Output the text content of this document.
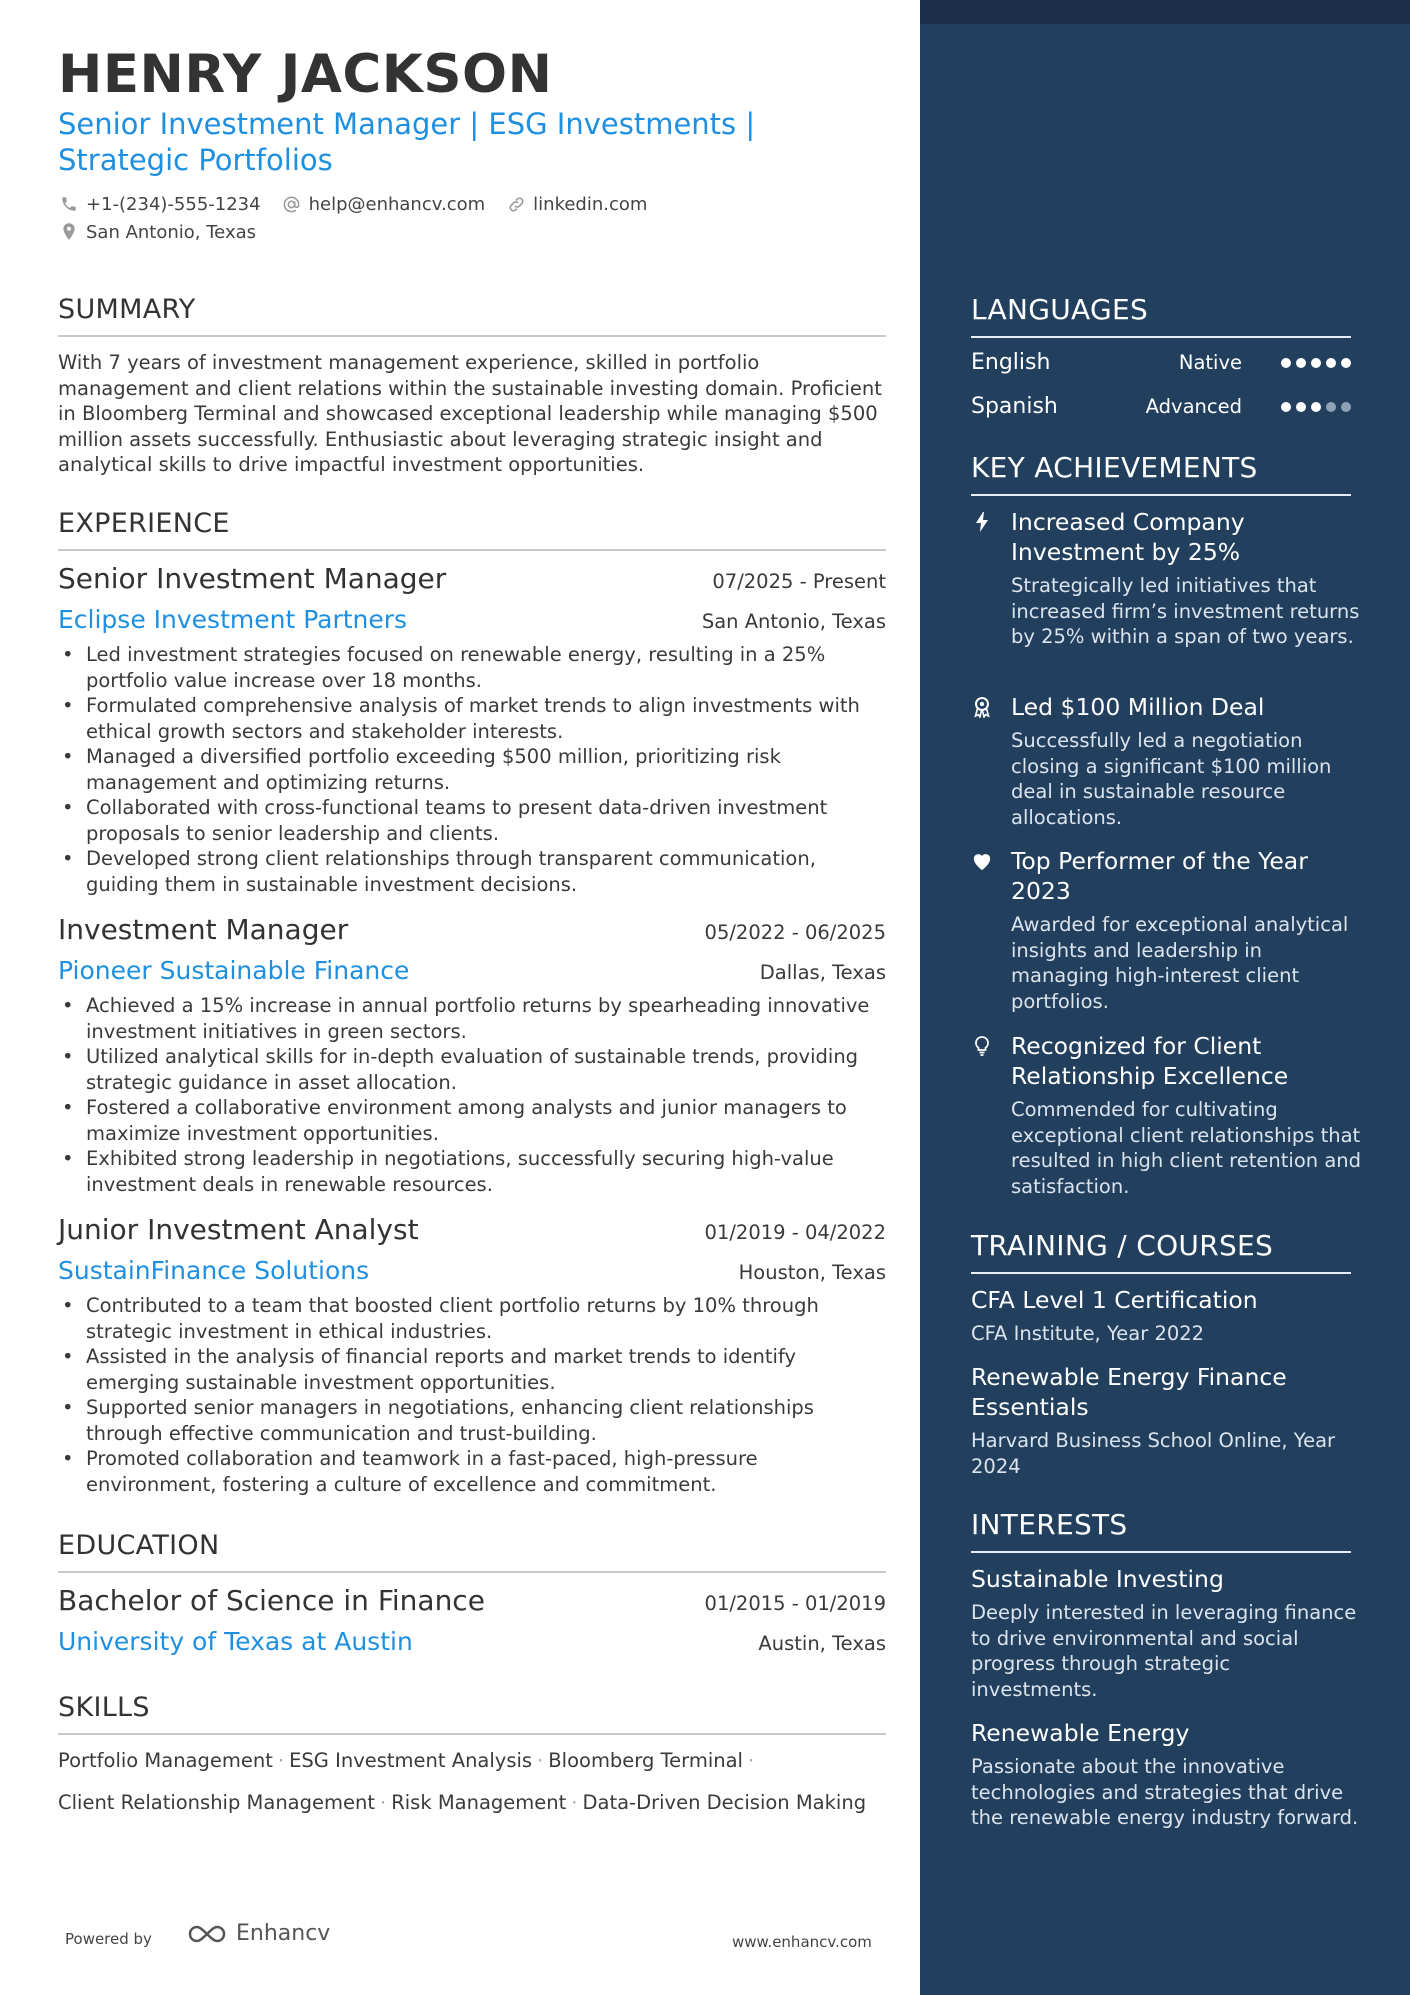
HENRY JACKSON
Senior Investment Manager | ESG Investments |
Strategic Portfolios
+1-(234)-555-1234	help@enhancv.com	linkedin.com
San Antonio, Texas
SUMMARY
With 7 years of investment management experience, skilled in portfolio management and client relations within the sustainable investing domain. Proficient in Bloomberg Terminal and showcased exceptional leadership while managing $500 million assets successfully. Enthusiastic about leveraging strategic insight and analytical skills to drive impactful investment opportunities.
EXPERIENCE
Senior Investment Manager	07/2025 - Present
Eclipse Investment Partners	San Antonio, Texas
• Led investment strategies focused on renewable energy, resulting in a 25% portfolio value increase over 18 months.
• Formulated comprehensive analysis of market trends to align investments with ethical growth sectors and stakeholder interests.
• Managed a diversified portfolio exceeding $500 million, prioritizing risk management and optimizing returns.
• Collaborated with cross-functional teams to present data-driven investment proposals to senior leadership and clients.
• Developed strong client relationships through transparent communication, guiding them in sustainable investment decisions.
Investment Manager	05/2022 - 06/2025
Pioneer Sustainable Finance	Dallas, Texas
• Achieved a 15% increase in annual portfolio returns by spearheading innovative investment initiatives in green sectors.
• Utilized analytical skills for in-depth evaluation of sustainable trends, providing strategic guidance in asset allocation.
• Fostered a collaborative environment among analysts and junior managers to maximize investment opportunities.
• Exhibited strong leadership in negotiations, successfully securing high-value investment deals in renewable resources.
Junior Investment Analyst	01/2019 - 04/2022
SustainFinance Solutions	Houston, Texas
• Contributed to a team that boosted client portfolio returns by 10% through strategic investment in ethical industries.
• Assisted in the analysis of financial reports and market trends to identify emerging sustainable investment opportunities.
• Supported senior managers in negotiations, enhancing client relationships through effective communication and trust-building.
• Promoted collaboration and teamwork in a fast-paced, high-pressure environment, fostering a culture of excellence and commitment.
EDUCATION
Bachelor of Science in Finance	01/2015 - 01/2019
University of Texas at Austin	Austin, Texas
SKILLS
Portfolio Management · ESG Investment Analysis · Bloomberg Terminal ·
Client Relationship Management · Risk Management · Data-Driven Decision Making
Powered by	Enhancv	www.enhancv.com
LANGUAGES
English	Native
Spanish	Advanced
KEY ACHIEVEMENTS
Increased Company Investment by 25%
Strategically led initiatives that increased firm’s investment returns by 25% within a span of two years.
Led $100 Million Deal
Successfully led a negotiation closing a significant $100 million deal in sustainable resource allocations.
Top Performer of the Year 2023
Awarded for exceptional analytical insights and leadership in managing high-interest client portfolios.
Recognized for Client Relationship Excellence
Commended for cultivating exceptional client relationships that resulted in high client retention and satisfaction.
TRAINING / COURSES
CFA Level 1 Certification
CFA Institute, Year 2022
Renewable Energy Finance Essentials
Harvard Business School Online, Year 2024
INTERESTS
Sustainable Investing
Deeply interested in leveraging finance to drive environmental and social progress through strategic investments.
Renewable Energy
Passionate about the innovative technologies and strategies that drive the renewable energy industry forward.
